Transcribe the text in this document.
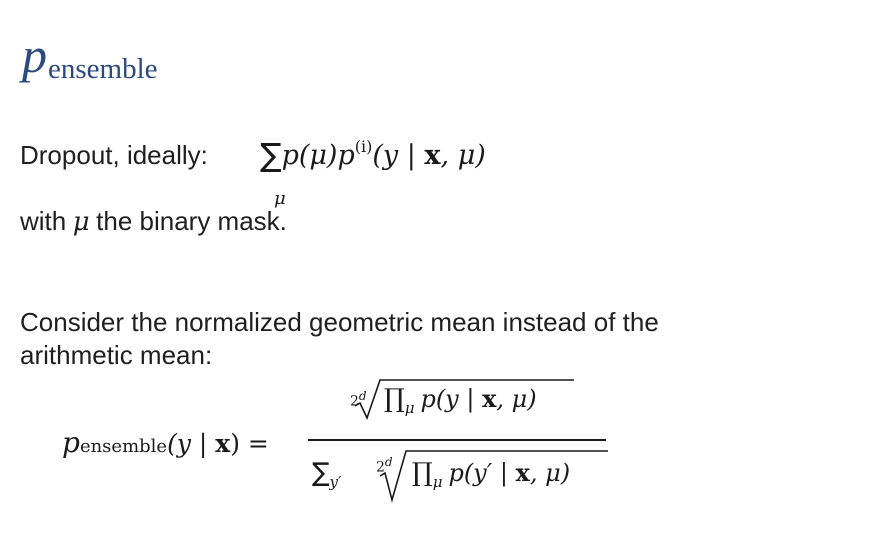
pensemble
Dropout, ideally: $\sum p(\mu)p^{(i)}(y$ | x, μ)
μ
with μ the binary mask.
Consider the normalized geometric mean instead of the
arithmetic mean:
pensemble(y | x) =
$2^d$ $\prod_\mu$ p(y | x, μ)
$\sum_{y'}$
2$^d$ $\prod_\mu$ p(y′ | x, μ)
